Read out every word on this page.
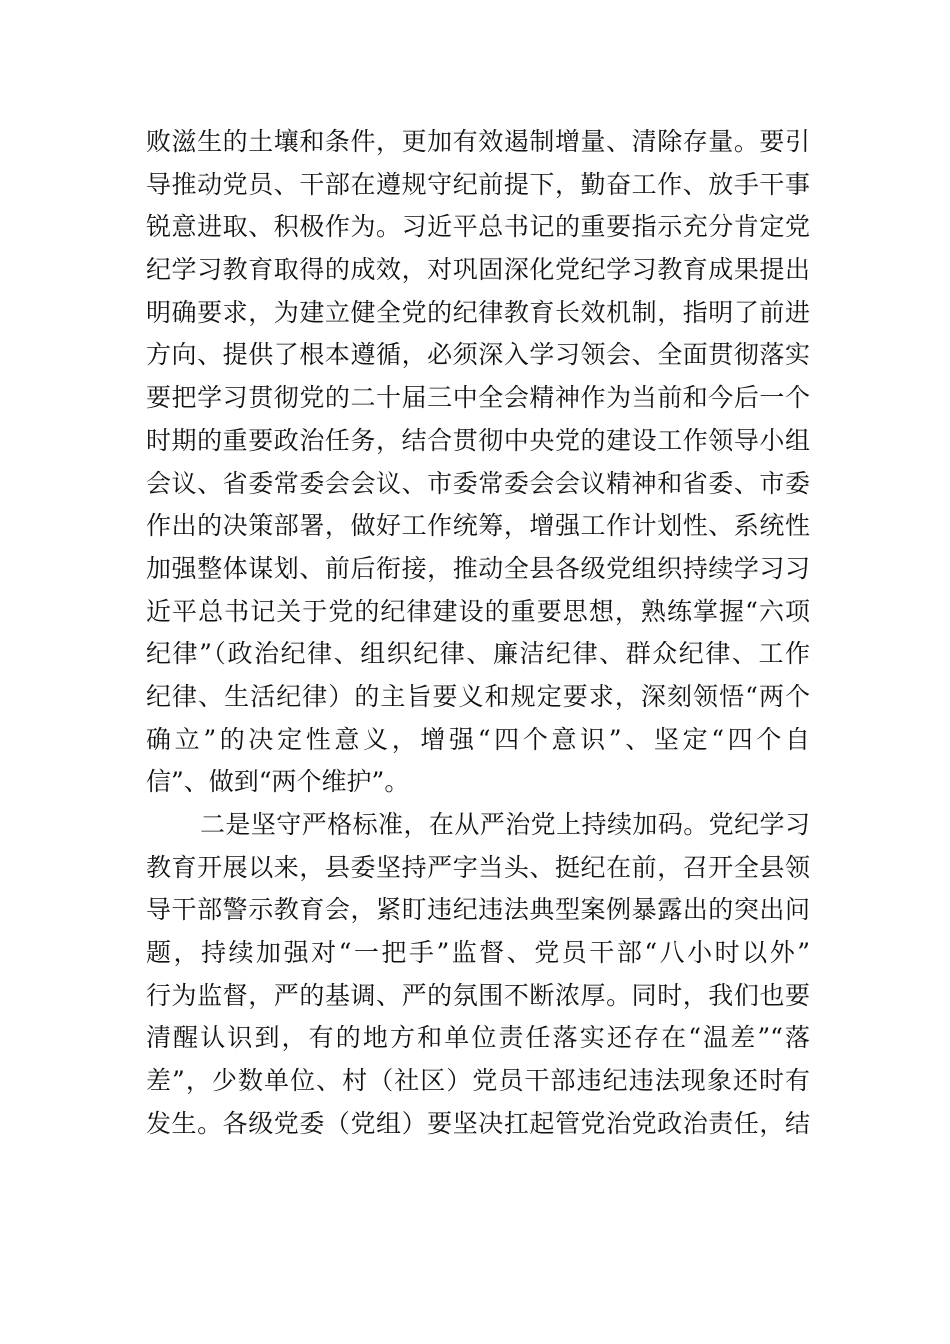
败滋生的土壤和条件，更加有效遏制增量、清除存量。要引
导推动党员、干部在遵规守纪前提下，勤奋工作、放手干事
锐意进取、积极作为。习近平总书记的重要指示充分肯定党
纪学习教育取得的成效，对巩固深化党纪学习教育成果提出
明确要求，为建立健全党的纪律教育长效机制，指明了前进
方向、提供了根本遵循，必须深入学习领会、全面贯彻落实
要把学习贯彻党的二十届三中全会精神作为当前和今后一个
时期的重要政治任务，结合贯彻中央党的建设工作领导小组
会议、省委常委会会议、市委常委会会议精神和省委、市委
作出的决策部署，做好工作统筹，增强工作计划性、系统性
加强整体谋划、前后衔接，推动全县各级党组织持续学习习
近平总书记关于党的纪律建设的重要思想，熟练掌握“六项
纪律”（政治纪律、组织纪律、廉洁纪律、群众纪律、工作
纪律、生活纪律）的主旨要义和规定要求，深刻领悟“两个
确立”的决定性意义，增强“四个意识”、坚定“四个自
信”、做到“两个维护”。
二是坚守严格标准，在从严治党上持续加码。党纪学习
教育开展以来，县委坚持严字当头、挺纪在前，召开全县领
导干部警示教育会，紧盯违纪违法典型案例暴露出的突出问
题，持续加强对“一把手”监督、党员干部“八小时以外”
行为监督，严的基调、严的氛围不断浓厚。同时，我们也要
清醒认识到，有的地方和单位责任落实还存在“温差”“落
差”，少数单位、村（社区）党员干部违纪违法现象还时有
发生。各级党委（党组）要坚决扛起管党治党政治责任，结
